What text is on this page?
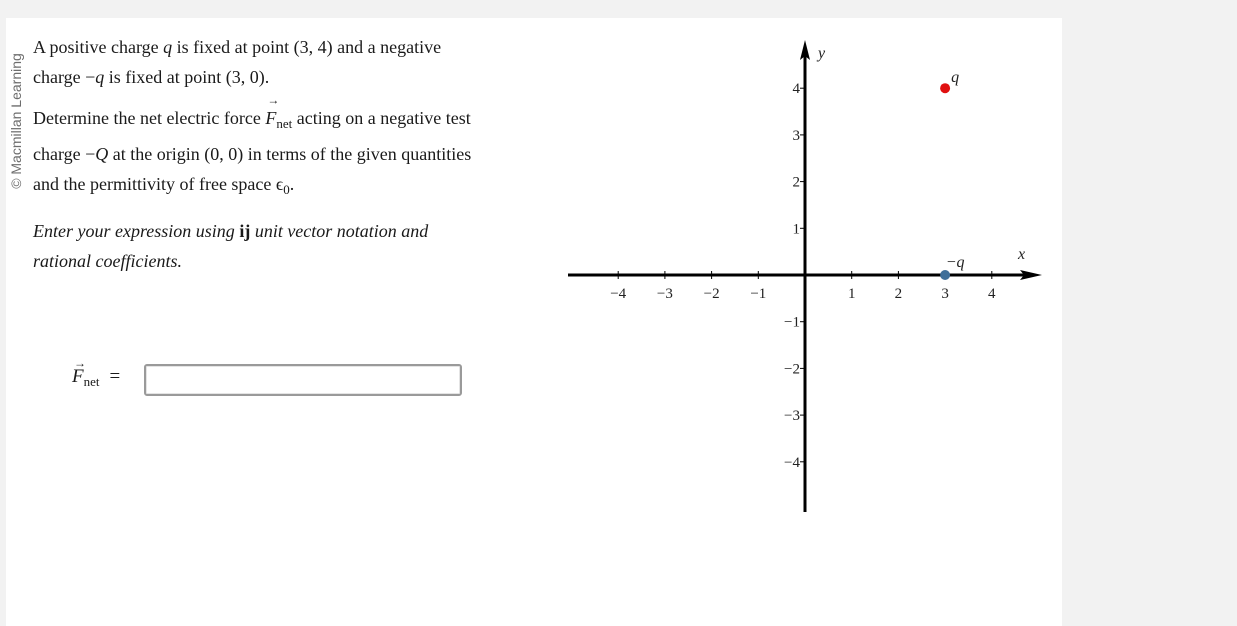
© Macmillan Learning

A positive charge q is fixed at point (3, 4) and a negative
charge −q is fixed at point (3, 0).

Determine the net electric force
→
$F_{net}$ acting on a negative test
charge −Q at the origin (0, 0) in terms of the given quantities
and the permittivity of free space $\epsilon_0$.

Enter your expression using ij unit vector notation and
rational coefficients.

→
$F_{net}$ =
x
y
−4 −3 −2 −1	1	2	3	4
−4
−3
−2
−1
1
2
3
4
q
−q
